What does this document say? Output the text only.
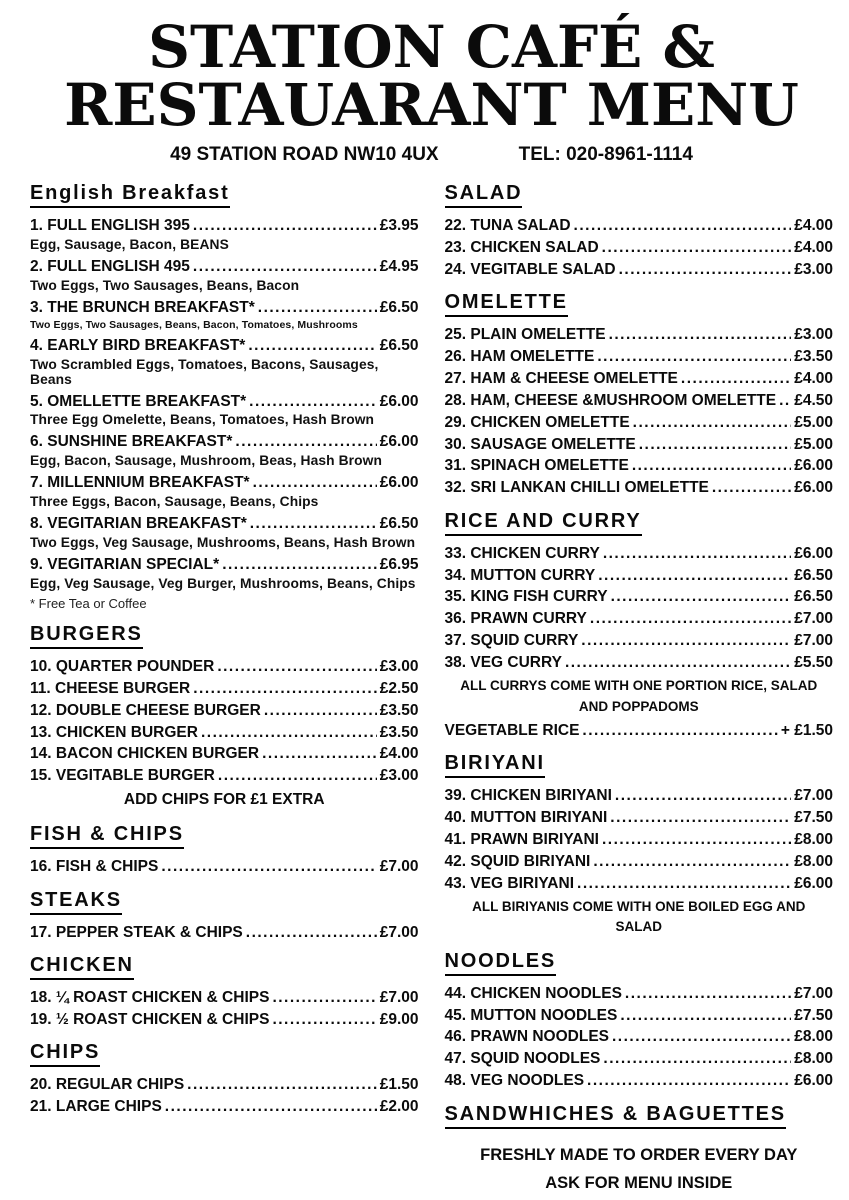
STATION CAFÉ &
RESTAUARANT MENU
49 STATION ROAD NW10 4UX	TEL: 020-8961-1114
English Breakfast
1. FULL ENGLISH 395 .....	£3.95
Egg, Sausage, Bacon, BEANS
2. FULL ENGLISH 495 .....	£4.95
Two Eggs, Two Sausages, Beans, Bacon
3. THE BRUNCH BREAKFAST* .....	£6.50
Two Eggs, Two Sausages, Beans, Bacon, Tomatoes, Mushrooms
4. EARLY BIRD BREAKFAST* .....	£6.50
Two Scrambled Eggs, Tomatoes, Bacons, Sausages, Beans
5. OMELLETTE BREAKFAST* .....	£6.00
Three Egg Omelette, Beans, Tomatoes, Hash Brown
6. SUNSHINE BREAKFAST* .....	£6.00
Egg, Bacon, Sausage, Mushroom, Beas, Hash Brown
7. MILLENNIUM BREAKFAST* .....	£6.00
Three Eggs, Bacon, Sausage, Beans, Chips
8. VEGITARIAN BREAKFAST* .....	£6.50
Two Eggs, Veg Sausage, Mushrooms, Beans, Hash Brown
9. VEGITARIAN SPECIAL* .....	£6.95
Egg, Veg Sausage, Veg Burger, Mushrooms, Beans, Chips
* Free Tea or Coffee
BURGERS
10. QUARTER POUNDER .....	£3.00
11. CHEESE BURGER .....	£2.50
12. DOUBLE CHEESE BURGER .....	£3.50
13. CHICKEN BURGER .....	£3.50
14. BACON CHICKEN BURGER .....	£4.00
15. VEGITABLE BURGER .....	£3.00
ADD CHIPS FOR £1 EXTRA
FISH & CHIPS
16. FISH & CHIPS .....	£7.00
STEAKS
17. PEPPER STEAK & CHIPS .....	£7.00
CHICKEN
18. ¼ ROAST CHICKEN & CHIPS .....	£7.00
19. ½ ROAST CHICKEN & CHIPS .....	£9.00
CHIPS
20. REGULAR CHIPS .....	£1.50
21. LARGE CHIPS .....	£2.00
SALAD
22. TUNA SALAD .....	£4.00
23. CHICKEN SALAD .....	£4.00
24. VEGITABLE SALAD .....	£3.00
OMELETTE
25. PLAIN OMELETTE .....	£3.00
26. HAM OMELETTE .....	£3.50
27. HAM & CHEESE OMELETTE .....	£4.00
28. HAM, CHEESE &MUSHROOM OMELETTE ..... £4.50
29. CHICKEN OMELETTE .....	£5.00
30. SAUSAGE OMELETTE .....	£5.00
31. SPINACH OMELETTE .....	£6.00
32. SRI LANKAN CHILLI OMELETTE .....	£6.00
RICE AND CURRY
33. CHICKEN CURRY .....	£6.00
34. MUTTON CURRY .....	£6.50
35. KING FISH CURRY .....	£6.50
36. PRAWN CURRY .....	£7.00
37. SQUID CURRY .....	£7.00
38. VEG CURRY .....	£5.50
ALL CURRYS COME WITH ONE PORTION RICE, SALAD AND POPPADOMS
VEGETABLE RICE .....	+ £1.50
BIRIYANI
39. CHICKEN BIRIYANI .....	£7.00
40. MUTTON BIRIYANI .....	£7.50
41. PRAWN BIRIYANI .....	£8.00
42. SQUID BIRIYANI .....	£8.00
43. VEG BIRIYANI .....	£6.00
ALL BIRIYANIS COME WITH ONE BOILED EGG AND SALAD
NOODLES
44. CHICKEN NOODLES .....	£7.00
45. MUTTON NOODLES .....	£7.50
46. PRAWN NOODLES .....	£8.00
47. SQUID NOODLES .....	£8.00
48. VEG NOODLES .....	£6.00
SANDWHICHES & BAGUETTES
FRESHLY MADE TO ORDER EVERY DAY
ASK FOR MENU INSIDE
